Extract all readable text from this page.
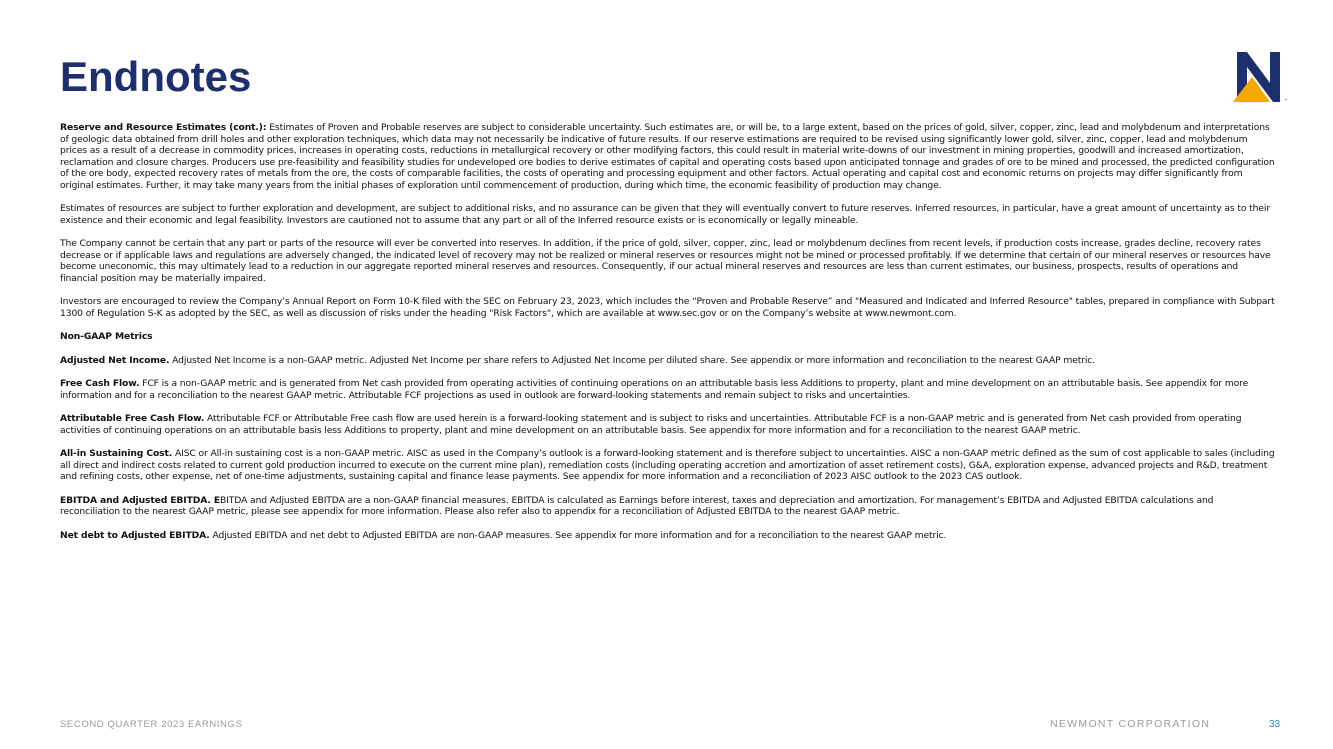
Endnotes
™

Reserve and Resource Estimates (cont.): Estimates of Proven and Probable reserves are subject to considerable uncertainty. Such estimates are, or will be, to a large extent, based on the prices of gold, silver, copper, zinc, lead and molybdenum and interpretations of geologic data obtained from drill holes and other exploration techniques, which data may not necessarily be indicative of future results. If our reserve estimations are required to be revised using significantly lower gold, silver, zinc, copper, lead and molybdenum prices as a result of a decrease in commodity prices, increases in operating costs, reductions in metallurgical recovery or other modifying factors, this could result in material write-downs of our investment in mining properties, goodwill and increased amortization, reclamation and closure charges. Producers use pre-feasibility and feasibility studies for undeveloped ore bodies to derive estimates of capital and operating costs based upon anticipated tonnage and grades of ore to be mined and processed, the predicted configuration of the ore body, expected recovery rates of metals from the ore, the costs of comparable facilities, the costs of operating and processing equipment and other factors. Actual operating and capital cost and economic returns on projects may differ significantly from original estimates. Further, it may take many years from the initial phases of exploration until commencement of production, during which time, the economic feasibility of production may change.

Estimates of resources are subject to further exploration and development, are subject to additional risks, and no assurance can be given that they will eventually convert to future reserves. Inferred resources, in particular, have a great amount of uncertainty as to their existence and their economic and legal feasibility. Investors are cautioned not to assume that any part or all of the Inferred resource exists or is economically or legally mineable.

The Company cannot be certain that any part or parts of the resource will ever be converted into reserves. In addition, if the price of gold, silver, copper, zinc, lead or molybdenum declines from recent levels, if production costs increase, grades decline, recovery rates decrease or if applicable laws and regulations are adversely changed, the indicated level of recovery may not be realized or mineral reserves or resources might not be mined or processed profitably. If we determine that certain of our mineral reserves or resources have become uneconomic, this may ultimately lead to a reduction in our aggregate reported mineral reserves and resources. Consequently, if our actual mineral reserves and resources are less than current estimates, our business, prospects, results of operations and financial position may be materially impaired.

Investors are encouraged to review the Company’s Annual Report on Form 10-K filed with the SEC on February 23, 2023, which includes the “Proven and Probable Reserve” and "Measured and Indicated and Inferred Resource" tables, prepared in compliance with Subpart 1300 of Regulation S-K as adopted by the SEC, as well as discussion of risks under the heading "Risk Factors", which are available at www.sec.gov or on the Company’s website at www.newmont.com.

Non-GAAP Metrics

Adjusted Net Income. Adjusted Net Income is a non-GAAP metric. Adjusted Net Income per share refers to Adjusted Net Income per diluted share. See appendix or more information and reconciliation to the nearest GAAP metric.

Free Cash Flow. FCF is a non-GAAP metric and is generated from Net cash provided from operating activities of continuing operations on an attributable basis less Additions to property, plant and mine development on an attributable basis. See appendix for more information and for a reconciliation to the nearest GAAP metric. Attributable FCF projections as used in outlook are forward-looking statements and remain subject to risks and uncertainties.

Attributable Free Cash Flow. Attributable FCF or Attributable Free cash flow are used herein is a forward-looking statement and is subject to risks and uncertainties. Attributable FCF is a non-GAAP metric and is generated from Net cash provided from operating activities of continuing operations on an attributable basis less Additions to property, plant and mine development on an attributable basis. See appendix for more information and for a reconciliation to the nearest GAAP metric.

All-in Sustaining Cost. AISC or All-in sustaining cost is a non-GAAP metric. AISC as used in the Company’s outlook is a forward-looking statement and is therefore subject to uncertainties. AISC a non-GAAP metric defined as the sum of cost applicable to sales (including all direct and indirect costs related to current gold production incurred to execute on the current mine plan), remediation costs (including operating accretion and amortization of asset retirement costs), G&A, exploration expense, advanced projects and R&D, treatment and refining costs, other expense, net of one-time adjustments, sustaining capital and finance lease payments. See appendix for more information and a reconciliation of 2023 AISC outlook to the 2023 CAS outlook.

EBITDA and Adjusted EBITDA. EBITDA and Adjusted EBITDA are a non-GAAP financial measures. EBITDA is calculated as Earnings before interest, taxes and depreciation and amortization. For management’s EBITDA and Adjusted EBITDA calculations and reconciliation to the nearest GAAP metric, please see appendix for more information. Please also refer also to appendix for a reconciliation of Adjusted EBITDA to the nearest GAAP metric.

Net debt to Adjusted EBITDA. Adjusted EBITDA and net debt to Adjusted EBITDA are non-GAAP measures. See appendix for more information and for a reconciliation to the nearest GAAP metric.

SECOND QUARTER 2023 EARNINGS	NEWMONT CORPORATION	33
